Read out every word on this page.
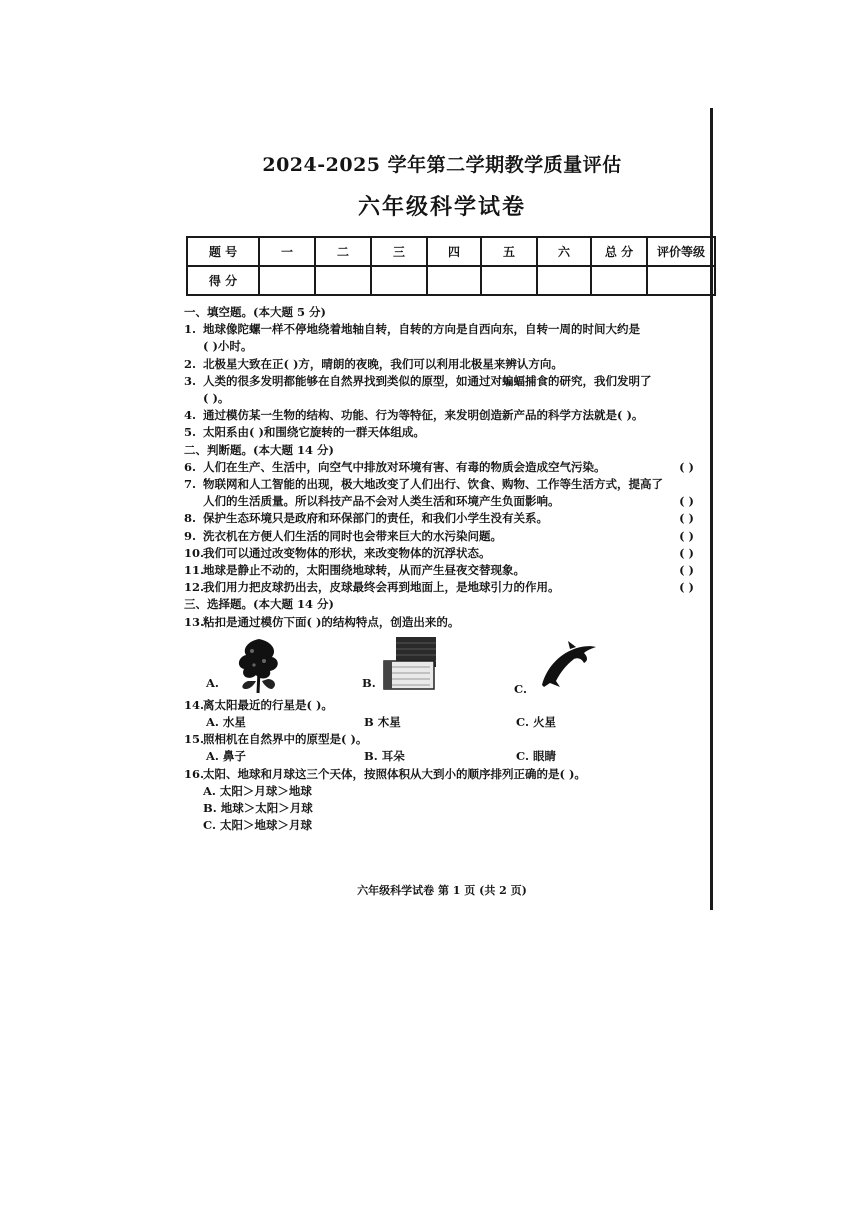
2024-2025 学年第二学期教学质量评估
六年级科学试卷
题 号	一	二	三	四	五	六	总 分	评价等级
得 分								
一、填空题。(本大题 5 分)
1. 地球像陀螺一样不停地绕着地轴自转，自转的方向是自西向东，自转一周的时间大约是
( )小时。
2. 北极星大致在正( )方，晴朗的夜晚，我们可以利用北极星来辨认方向。
3. 人类的很多发明都能够在自然界找到类似的原型，如通过对蝙蝠捕食的研究，我们发明了
( )。
4. 通过模仿某一生物的结构、功能、行为等特征，来发明创造新产品的科学方法就是( )。
5. 太阳系由( )和围绕它旋转的一群天体组成。
二、判断题。(本大题 14 分)
6. 人们在生产、生活中，向空气中排放对环境有害、有毒的物质会造成空气污染。	( )
7. 物联网和人工智能的出现，极大地改变了人们出行、饮食、购物、工作等生活方式，提高了
人们的生活质量。所以科技产品不会对人类生活和环境产生负面影响。	( )
8. 保护生态环境只是政府和环保部门的责任，和我们小学生没有关系。	( )
9. 洗衣机在方便人们生活的同时也会带来巨大的水污染问题。	( )
10.我们可以通过改变物体的形状，来改变物体的沉浮状态。	( )
11.地球是静止不动的，太阳围绕地球转，从而产生昼夜交替现象。	( )
12.我们用力把皮球扔出去，皮球最终会再到地面上，是地球引力的作用。	( )
三、选择题。(本大题 14 分)
13.粘扣是通过模仿下面( )的结构特点，创造出来的。
A.	B.	C.
14.离太阳最近的行星是( )。
A. 水星	B 木星	C. 火星
15.照相机在自然界中的原型是( )。
A. 鼻子	B. 耳朵	C. 眼睛
16.太阳、地球和月球这三个天体，按照体积从大到小的顺序排列正确的是( )。
A. 太阳＞月球＞地球
B. 地球＞太阳＞月球
C. 太阳＞地球＞月球
六年级科学试卷 第 1 页 (共 2 页)
